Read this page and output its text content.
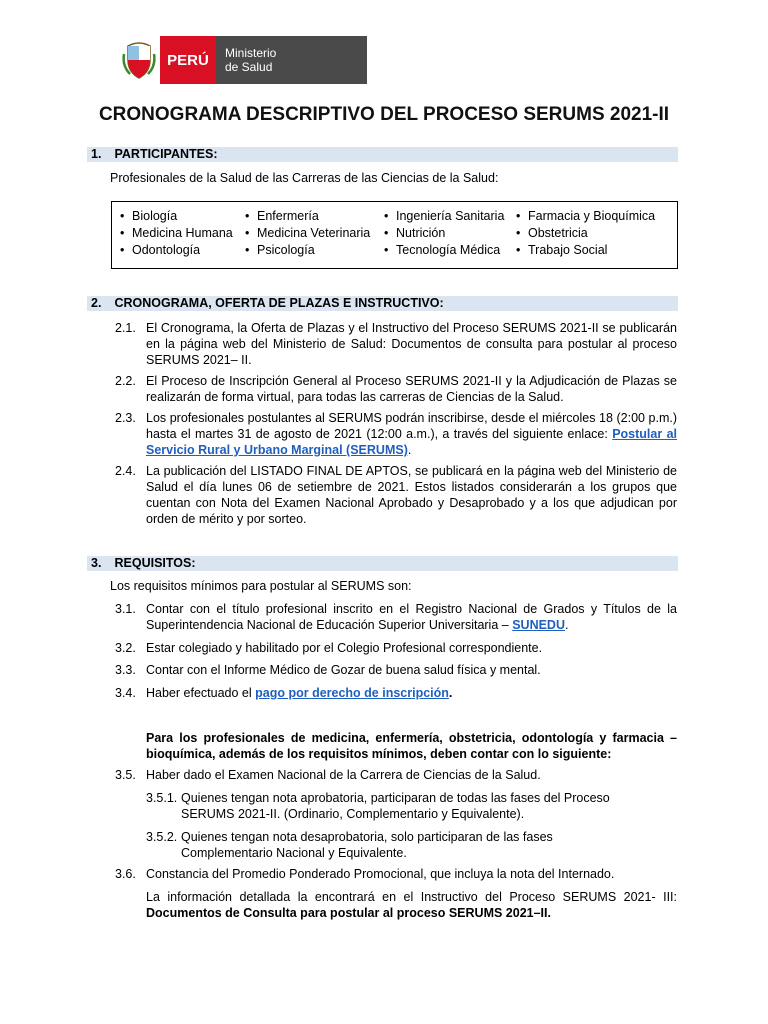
PERÚ	Ministerio
de Salud
CRONOGRAMA DESCRIPTIVO DEL PROCESO SERUMS 2021-II
1. PARTICIPANTES:
Profesionales de la Salud de las Carreras de las Ciencias de la Salud:
• Biología
• Medicina Humana
• Odontología
• Enfermería
• Medicina Veterinaria
• Psicología
• Ingeniería Sanitaria
• Nutrición
• Tecnología Médica
• Farmacia y Bioquímica
• Obstetricia
• Trabajo Social
2. CRONOGRAMA, OFERTA DE PLAZAS E INSTRUCTIVO:
2.1. El Cronograma, la Oferta de Plazas y el Instructivo del Proceso SERUMS 2021-II se publicarán en la página web del Ministerio de Salud: Documentos de consulta para postular al proceso SERUMS 2021– II.
2.2. El Proceso de Inscripción General al Proceso SERUMS 2021-II y la Adjudicación de Plazas se realizarán de forma virtual, para todas las carreras de Ciencias de la Salud.
2.3. Los profesionales postulantes al SERUMS podrán inscribirse, desde el miércoles 18 (2:00 p.m.) hasta el martes 31 de agosto de 2021 (12:00 a.m.), a través del siguiente enlace: Postular al Servicio Rural y Urbano Marginal (SERUMS).
2.4. La publicación del LISTADO FINAL DE APTOS, se publicará en la página web del Ministerio de Salud el día lunes 06 de setiembre de 2021. Estos listados considerarán a los grupos que cuentan con Nota del Examen Nacional Aprobado y Desaprobado y a los que adjudican por orden de mérito y por sorteo.
3. REQUISITOS:
Los requisitos mínimos para postular al SERUMS son:
3.1. Contar con el título profesional inscrito en el Registro Nacional de Grados y Títulos de la Superintendencia Nacional de Educación Superior Universitaria – SUNEDU.
3.2. Estar colegiado y habilitado por el Colegio Profesional correspondiente.
3.3. Contar con el Informe Médico de Gozar de buena salud física y mental.
3.4. Haber efectuado el pago por derecho de inscripción.
Para los profesionales de medicina, enfermería, obstetricia, odontología y farmacia – bioquímica, además de los requisitos mínimos, deben contar con lo siguiente:
3.5. Haber dado el Examen Nacional de la Carrera de Ciencias de la Salud.
3.5.1. Quienes tengan nota aprobatoria, participaran de todas las fases del Proceso SERUMS 2021-II. (Ordinario, Complementario y Equivalente).
3.5.2. Quienes tengan nota desaprobatoria, solo participaran de las fases Complementario Nacional y Equivalente.
3.6. Constancia del Promedio Ponderado Promocional, que incluya la nota del Internado.
La información detallada la encontrará en el Instructivo del Proceso SERUMS 2021- III: Documentos de Consulta para postular al proceso SERUMS 2021–II.
